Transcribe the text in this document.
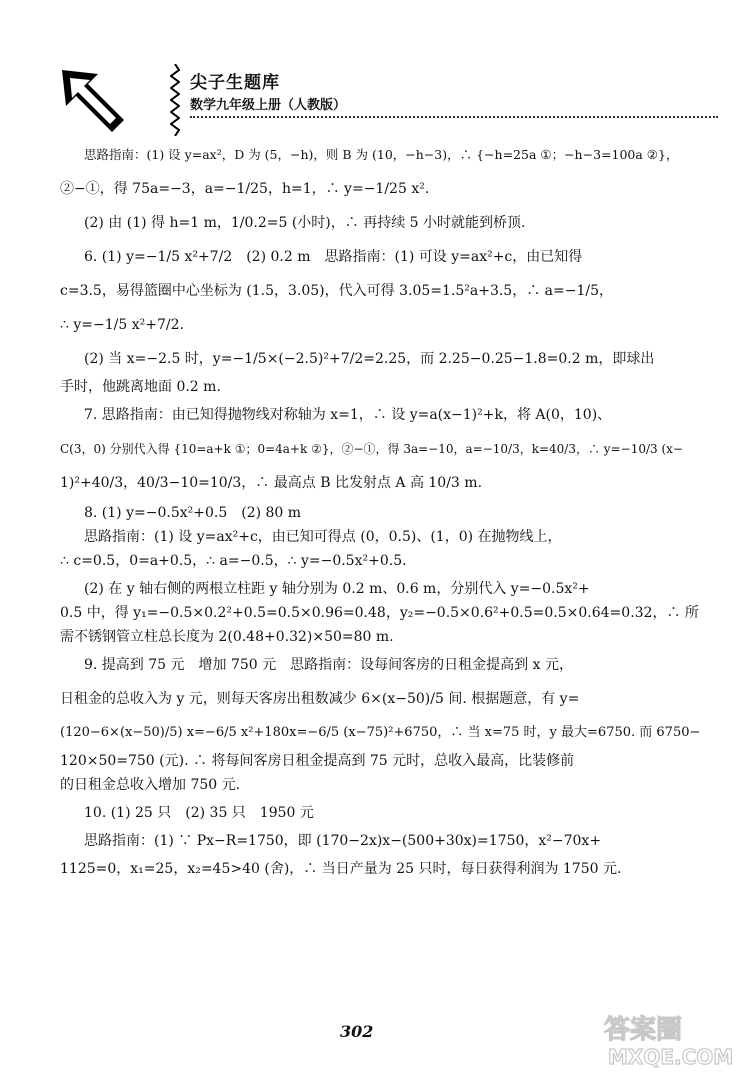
尖子生题库
数学九年级上册（人教版）

思路指南：(1) 设 y=ax²，D 为 (5，−h)，则 B 为 (10，−h−3)，∴ {−h=25a ①；−h−3=100a ②}，

②−①，得 75a=−3，a=−1/25，h=1，∴ y=−1/25 x².

(2) 由 (1) 得 h=1 m，1/0.2=5 (小时)，∴ 再持续 5 小时就能到桥顶.

6. (1) y=−1/5 x²+7/2　(2) 0.2 m　思路指南：(1) 可设 y=ax²+c，由已知得

c=3.5，易得篮圈中心坐标为 (1.5，3.05)，代入可得 3.05=1.5²a+3.5，∴ a=−1/5，

∴ y=−1/5 x²+7/2.

(2) 当 x=−2.5 时，y=−1/5×(−2.5)²+7/2=2.25，而 2.25−0.25−1.8=0.2 m，即球出

手时，他跳离地面 0.2 m.

7. 思路指南：由已知得抛物线对称轴为 x=1，∴ 设 y=a(x−1)²+k，将 A(0，10)、

C(3，0) 分别代入得 {10=a+k ①；0=4a+k ②}，②−①，得 3a=−10，a=−10/3，k=40/3，∴ y=−10/3 (x−

1)²+40/3，40/3−10=10/3，∴ 最高点 B 比发射点 A 高 10/3 m.

8. (1) y=−0.5x²+0.5　(2) 80 m

思路指南：(1) 设 y=ax²+c，由已知可得点 (0，0.5)、(1，0) 在抛物线上，

∴ c=0.5，0=a+0.5，∴ a=−0.5，∴ y=−0.5x²+0.5.

(2) 在 y 轴右侧的两根立柱距 y 轴分别为 0.2 m、0.6 m，分别代入 y=−0.5x²+

0.5 中，得 y₁=−0.5×0.2²+0.5=0.5×0.96=0.48，y₂=−0.5×0.6²+0.5=0.5×0.64=0.32，∴ 所

需不锈钢管立柱总长度为 2(0.48+0.32)×50=80 m.

9. 提高到 75 元　增加 750 元　思路指南：设每间客房的日租金提高到 x 元，

日租金的总收入为 y 元，则每天客房出租数减少 6×(x−50)/5 间. 根据题意，有 y=

(120−6×(x−50)/5) x=−6/5 x²+180x=−6/5 (x−75)²+6750，∴ 当 x=75 时，y 最大=6750. 而 6750−

120×50=750 (元). ∴ 将每间客房日租金提高到 75 元时，总收入最高，比装修前

的日租金总收入增加 750 元.

10. (1) 25 只　(2) 35 只　1950 元

思路指南：(1) ∵ Px−R=1750，即 (170−2x)x−(500+30x)=1750，x²−70x+

1125=0，x₁=25，x₂=45>40 (舍)，∴ 当日产量为 25 只时，每日获得利润为 1750 元.

302	答案圈
MXQE.COM
